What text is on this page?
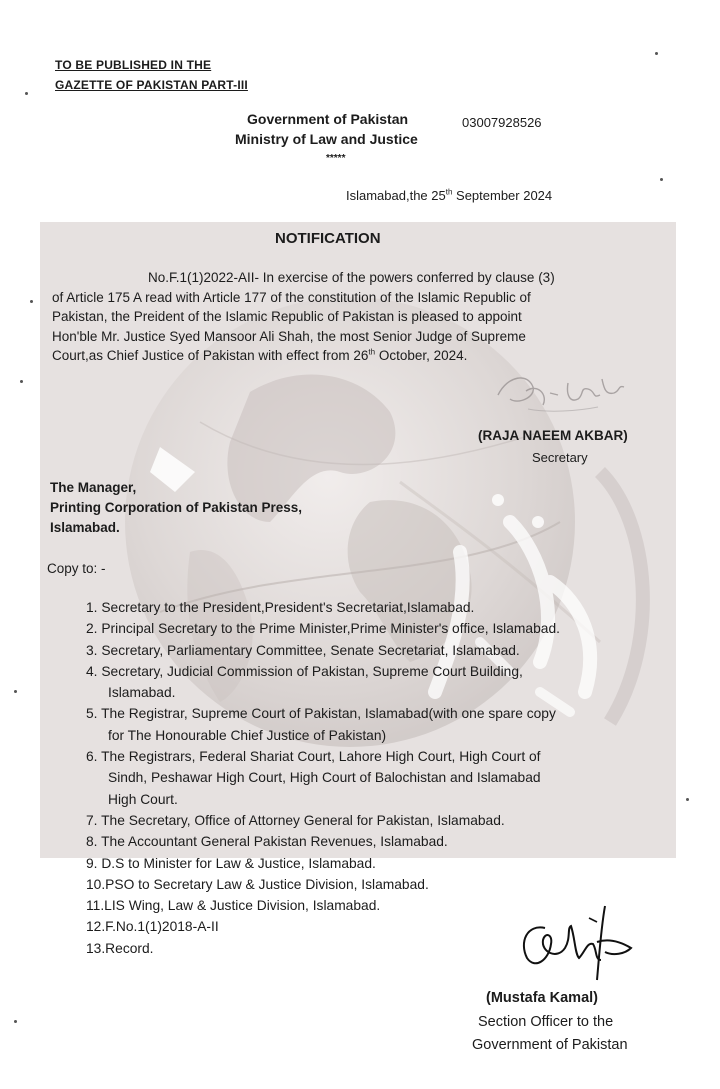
TO BE PUBLISHED IN THE
GAZETTE OF PAKISTAN PART-III
Government of Pakistan
Ministry of Law and Justice
*****
03007928526
Islamabad,the 25th September 2024
NOTIFICATION

No.F.1(1)2022-AII- In exercise of the powers conferred by clause (3)

of Article 175 A read with Article 177 of the constitution of the Islamic Republic of

Pakistan, the Preident of the Islamic Republic of Pakistan is pleased to appoint

Hon'ble Mr. Justice Syed Mansoor Ali Shah, the most Senior Judge of Supreme

Court,as Chief Justice of Pakistan with effect from 26th October, 2024.

(RAJA NAEEM AKBAR)
Secretary
The Manager,
Printing Corporation of Pakistan Press,
Islamabad.
Copy to: -
1. Secretary to the President,President's Secretariat,Islamabad.
2. Principal Secretary to the Prime Minister,Prime Minister's office, Islamabad.
3. Secretary, Parliamentary Committee, Senate Secretariat, Islamabad.
4. Secretary, Judicial Commission of Pakistan, Supreme Court Building,
Islamabad.
5. The Registrar, Supreme Court of Pakistan, Islamabad(with one spare copy
for The Honourable Chief Justice of Pakistan)
6. The Registrars, Federal Shariat Court, Lahore High Court, High Court of
Sindh, Peshawar High Court, High Court of Balochistan and Islamabad
High Court.
7. The Secretary, Office of Attorney General for Pakistan, Islamabad.
8. The Accountant General Pakistan Revenues, Islamabad.
9. D.S to Minister for Law & Justice, Islamabad.
10.PSO to Secretary Law & Justice Division, Islamabad.
11.LIS Wing, Law & Justice Division, Islamabad.
12.F.No.1(1)2018-A-II
13.Record.
(Mustafa Kamal)
Section Officer to the
Government of Pakistan
